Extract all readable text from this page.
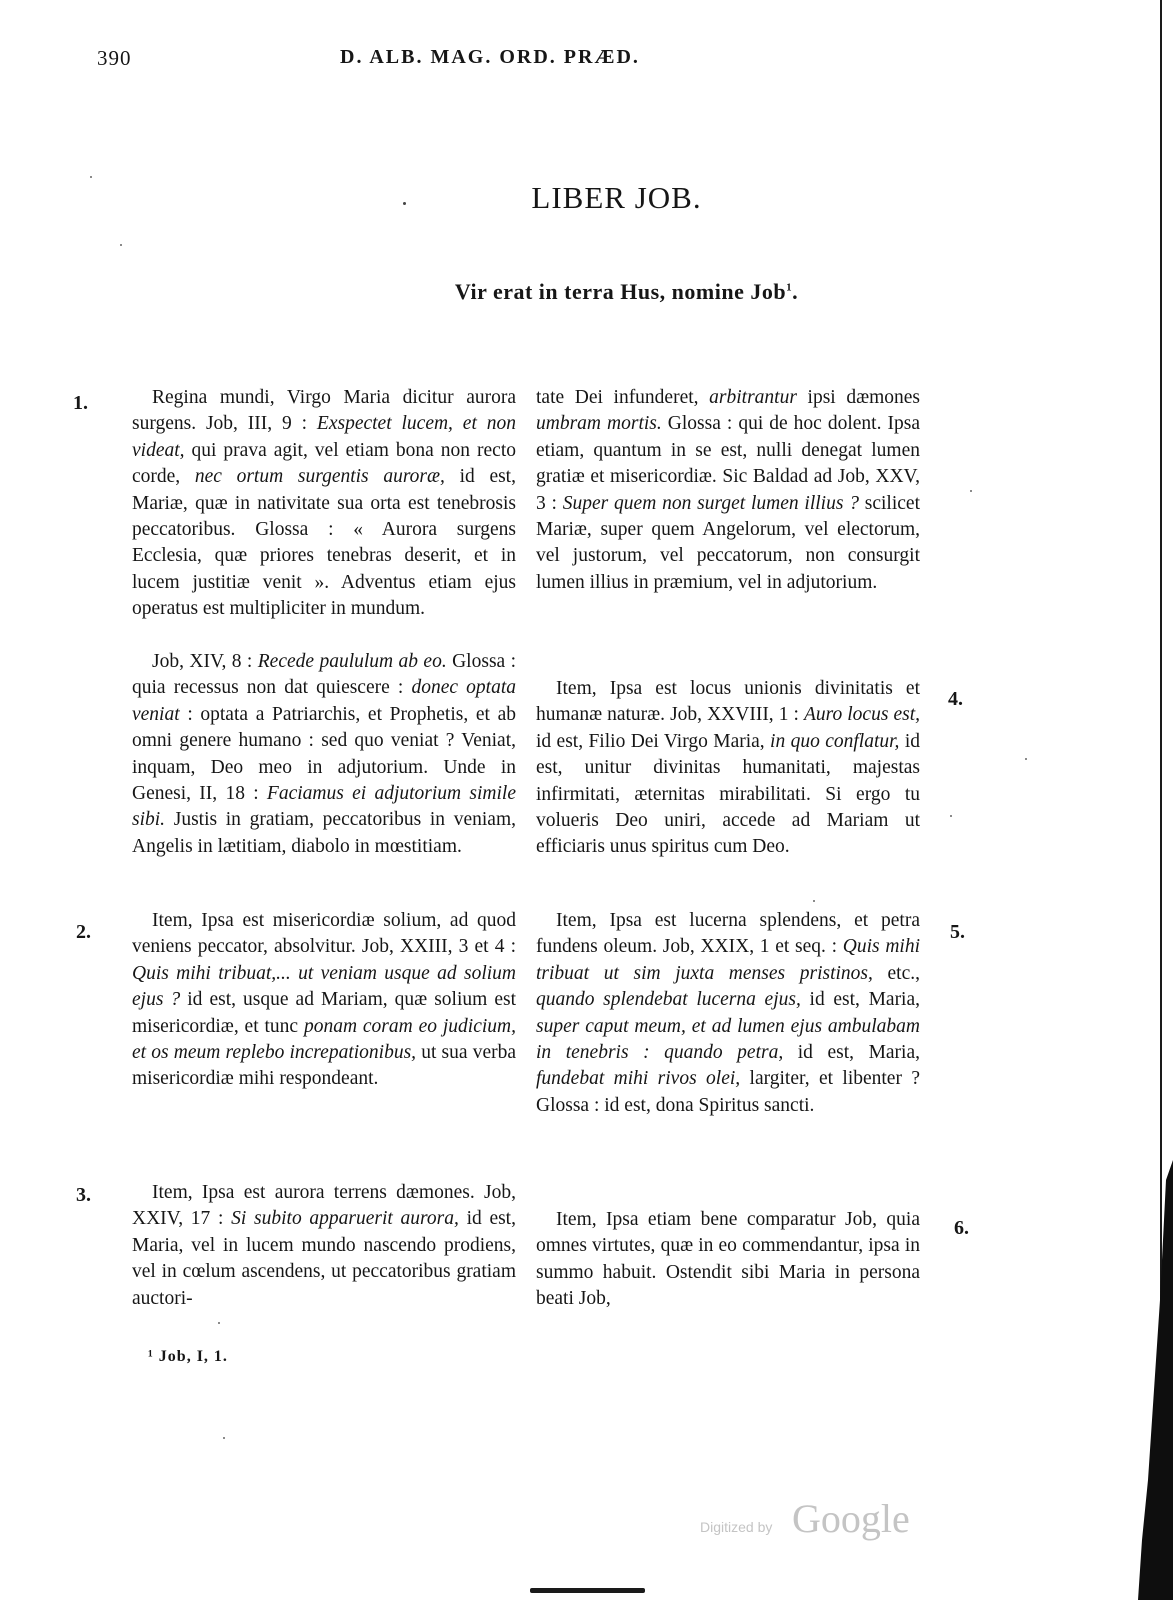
390	D. ALB. MAG. ORD. PRÆD.
LIBER JOB.
Vir erat in terra Hus, nomine Job$^1$.
1.
2.
3.
4.
5.
6.

Regina mundi, Virgo Maria dicitur aurora surgens. Job, III, 9 : Exspectet lucem, et non videat, qui prava agit, vel etiam bona non recto corde, nec ortum surgentis auroræ, id est, Mariæ, quæ in nativitate sua orta est tenebrosis peccatoribus. Glossa : « Aurora surgens Ecclesia, quæ priores tenebras deserit, et in lucem justitiæ venit ». Adventus etiam ejus operatus est multipliciter in mundum.

Job, XIV, 8 : Recede paululum ab eo. Glossa : quia recessus non dat quiescere : donec optata veniat : optata a Patriarchis, et Prophetis, et ab omni genere humano : sed quo veniat ? Veniat, inquam, Deo meo in adjutorium. Unde in Genesi, II, 18 : Faciamus ei adjutorium simile sibi. Justis in gratiam, peccatoribus in veniam, Angelis in lætitiam, diabolo in mœstitiam.

Item, Ipsa est misericordiæ solium, ad quod veniens peccator, absolvitur. Job, XXIII, 3 et 4 : Quis mihi tribuat,... ut veniam usque ad solium ejus ? id est, usque ad Mariam, quæ solium est misericordiæ, et tunc ponam coram eo judicium, et os meum replebo increpationibus, ut sua verba misericordiæ mihi respondeant.

Item, Ipsa est aurora terrens dæmones. Job, XXIV, 17 : Si subito apparuerit aurora, id est, Maria, vel in lucem mundo nascendo prodiens, vel in cœlum ascendens, ut peccatoribus gratiam auctori-

tate Dei infunderet, arbitrantur ipsi dæmones umbram mortis. Glossa : qui de hoc dolent. Ipsa etiam, quantum in se est, nulli denegat lumen gratiæ et misericordiæ. Sic Baldad ad Job, XXV, 3 : Super quem non surget lumen illius ? scilicet Mariæ, super quem Angelorum, vel electorum, vel justorum, vel peccatorum, non consurgit lumen illius in præmium, vel in adjutorium.

Item, Ipsa est locus unionis divinitatis et humanæ naturæ. Job, XXVIII, 1 : Auro locus est, id est, Filio Dei Virgo Maria, in quo conflatur, id est, unitur divinitas humanitati, majestas infirmitati, æternitas mirabilitati. Si ergo tu volueris Deo uniri, accede ad Mariam ut efficiaris unus spiritus cum Deo.

Item, Ipsa est lucerna splendens, et petra fundens oleum. Job, XXIX, 1 et seq. : Quis mihi tribuat ut sim juxta menses pristinos, etc., quando splendebat lucerna ejus, id est, Maria, super caput meum, et ad lumen ejus ambulabam in tenebris : quando petra, id est, Maria, fundebat mihi rivos olei, largiter, et libenter ? Glossa : id est, dona Spiritus sancti.

Item, Ipsa etiam bene comparatur Job, quia omnes virtutes, quæ in eo commendantur, ipsa in summo habuit. Ostendit sibi Maria in persona beati Job,

¹ Job, I, 1.
Digitized by Google
